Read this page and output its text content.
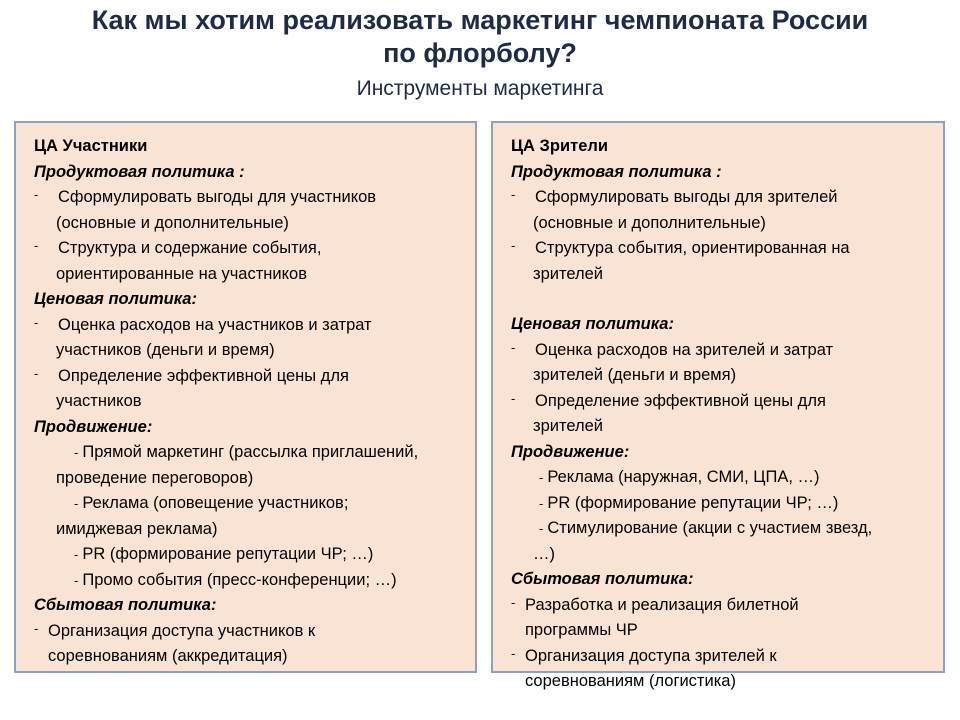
Как мы хотим реализовать маркетинг чемпионата России
по флорболу?
Инструменты маркетинга
ЦА Участники
Продуктовая политика :
- Сформулировать выгоды для участников
(основные и дополнительные)
- Структура и содержание события,
ориентированные на участников
Ценовая политика:
- Оценка расходов на участников и затрат
участников (деньги и время)
- Определение эффективной цены для
участников
Продвижение:
- Прямой маркетинг (рассылка приглашений,
проведение переговоров)
- Реклама (оповещение участников;
имиджевая реклама)
- PR (формирование репутации ЧР; …)
- Промо события (пресс-конференции; …)
Сбытовая политика:
- Организация доступа участников к
соревнованиям (аккредитация)
ЦА Зрители
Продуктовая политика :
- Сформулировать выгоды для зрителей
(основные и дополнительные)
- Структура события, ориентированная на
зрителей
Ценовая политика:
- Оценка расходов на зрителей и затрат
зрителей (деньги и время)
- Определение эффективной цены для
зрителей
Продвижение:
- Реклама (наружная, СМИ, ЦПА, …)
- PR (формирование репутации ЧР; …)
- Стимулирование (акции с участием звезд,
…)
Сбытовая политика:
- Разработка и реализация билетной
программы ЧР
- Организация доступа зрителей к
соревнованиям (логистика)
